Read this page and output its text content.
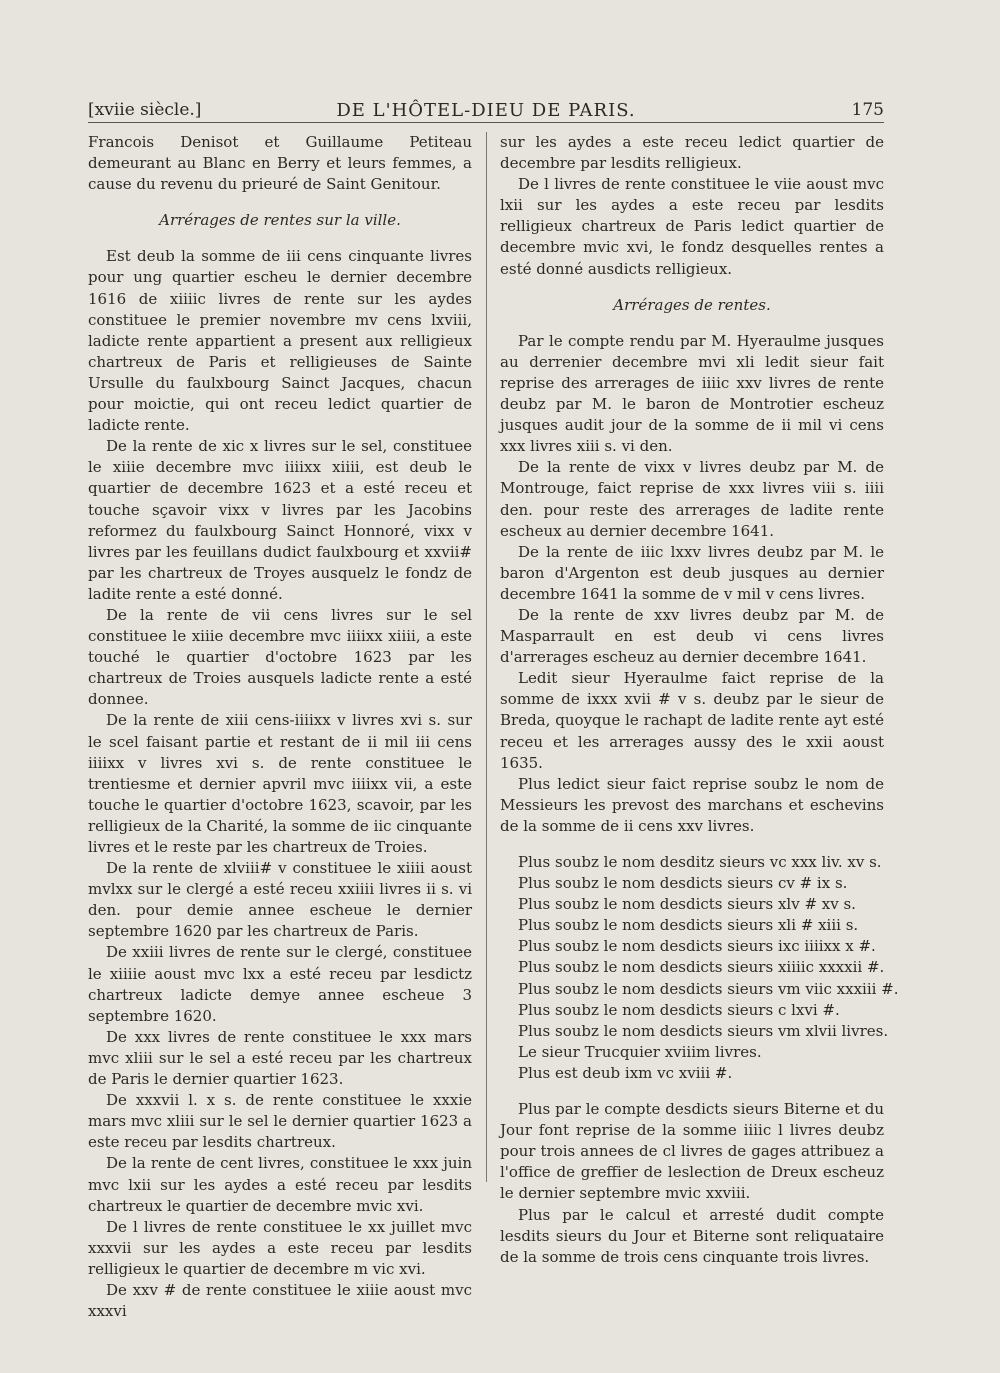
[xviie siècle.]	DE L'HÔTEL-DIEU DE PARIS.	175

Francois Denisot et Guillaume Petiteau demeurant au Blanc en Berry et leurs femmes, a cause du revenu du prieuré de Saint Genitour.

Arrérages de rentes sur la ville.

Est deub la somme de iii cens cinquante livres pour ung quartier escheu le dernier decembre 1616 de xiiiic livres de rente sur les aydes constituee le premier novembre mv cens lxviii, ladicte rente appartient a present aux relligieux chartreux de Paris et relligieuses de Sainte Ursulle du faulxbourg Sainct Jacques, chacun pour moictie, qui ont receu ledict quartier de ladicte rente.

De la rente de xic x livres sur le sel, constituee le xiiie decembre mvc iiiixx xiiii, est deub le quartier de decembre 1623 et a esté receu et touche sçavoir vixx v livres par les Jacobins reformez du faulxbourg Sainct Honnoré, vixx v livres par les feuillans dudict faulxbourg et xxvii# par les chartreux de Troyes ausquelz le fondz de ladite rente a esté donné.

De la rente de vii cens livres sur le sel constituee le xiiie decembre mvc iiiixx xiiii, a este touché le quartier d'octobre 1623 par les chartreux de Troies ausquels ladicte rente a esté donnee.

De la rente de xiii cens-iiiixx v livres xvi s. sur le scel faisant partie et restant de ii mil iii cens iiiixx v livres xvi s. de rente constituee le trentiesme et dernier apvril mvc iiiixx vii, a este touche le quartier d'octobre 1623, scavoir, par les relligieux de la Charité, la somme de iic cinquante livres et le reste par les chartreux de Troies.

De la rente de xlviii# v constituee le xiiii aoust mvlxx sur le clergé a esté receu xxiiii livres ii s. vi den. pour demie annee escheue le dernier septembre 1620 par les chartreux de Paris.

De xxiii livres de rente sur le clergé, constituee le xiiiie aoust mvc lxx a esté receu par lesdictz chartreux ladicte demye annee escheue 3 septembre 1620.

De xxx livres de rente constituee le xxx mars mvc xliii sur le sel a esté receu par les chartreux de Paris le dernier quartier 1623.

De xxxvii l. x s. de rente constituee le xxxie mars mvc xliii sur le sel le dernier quartier 1623 a este receu par lesdits chartreux.

De la rente de cent livres, constituee le xxx juin mvc lxii sur les aydes a esté receu par lesdits chartreux le quartier de decembre mvic xvi.

De l livres de rente constituee le xx juillet mvc xxxvii sur les aydes a este receu par lesdits relligieux le quartier de decembre m vic xvi.

De xxv # de rente constituee le xiiie aoust mvc xxxvi

sur les aydes a este receu ledict quartier de decembre par lesdits relligieux.

De l livres de rente constituee le viie aoust mvc lxii sur les aydes a este receu par lesdits relligieux chartreux de Paris ledict quartier de decembre mvic xvi, le fondz desquelles rentes a esté donné ausdicts relligieux.

Arrérages de rentes.

Par le compte rendu par M. Hyeraulme jusques au derrenier decembre mvi xli ledit sieur fait reprise des arrerages de iiiic xxv livres de rente deubz par M. le baron de Montrotier escheuz jusques audit jour de la somme de ii mil vi cens xxx livres xiii s. vi den.

De la rente de vixx v livres deubz par M. de Montrouge, faict reprise de xxx livres viii s. iiii den. pour reste des arrerages de ladite rente escheux au dernier decembre 1641.

De la rente de iiic lxxv livres deubz par M. le baron d'Argenton est deub jusques au dernier decembre 1641 la somme de v mil v cens livres.

De la rente de xxv livres deubz par M. de Masparrault en est deub vi cens livres d'arrerages escheuz au dernier decembre 1641.

Ledit sieur Hyeraulme faict reprise de la somme de ixxx xvii # v s. deubz par le sieur de Breda, quoyque le rachapt de ladite rente ayt esté receu et les arrerages aussy des le xxii aoust 1635.

Plus ledict sieur faict reprise soubz le nom de Messieurs les prevost des marchans et eschevins de la somme de ii cens xxv livres.

Plus soubz le nom desditz sieurs vc xxx liv. xv s.

Plus soubz le nom desdicts sieurs cv # ix s.

Plus soubz le nom desdicts sieurs xlv # xv s.

Plus soubz le nom desdicts sieurs xli # xiii s.

Plus soubz le nom desdicts sieurs ixc iiiixx x #.

Plus soubz le nom desdicts sieurs xiiiic xxxxii #.

Plus soubz le nom desdicts sieurs vm viic xxxiii #.

Plus soubz le nom desdicts sieurs c lxvi #.

Plus soubz le nom desdicts sieurs vm xlvii livres.

Le sieur Trucquier xviiim livres.

Plus est deub ixm vc xviii #.

Plus par le compte desdicts sieurs Biterne et du Jour font reprise de la somme iiiic l livres deubz pour trois annees de cl livres de gages attribuez a l'office de greffier de leslection de Dreux escheuz le dernier septembre mvic xxviii.

Plus par le calcul et arresté dudit compte lesdits sieurs du Jour et Biterne sont reliquataire de la somme de trois cens cinquante trois livres.
